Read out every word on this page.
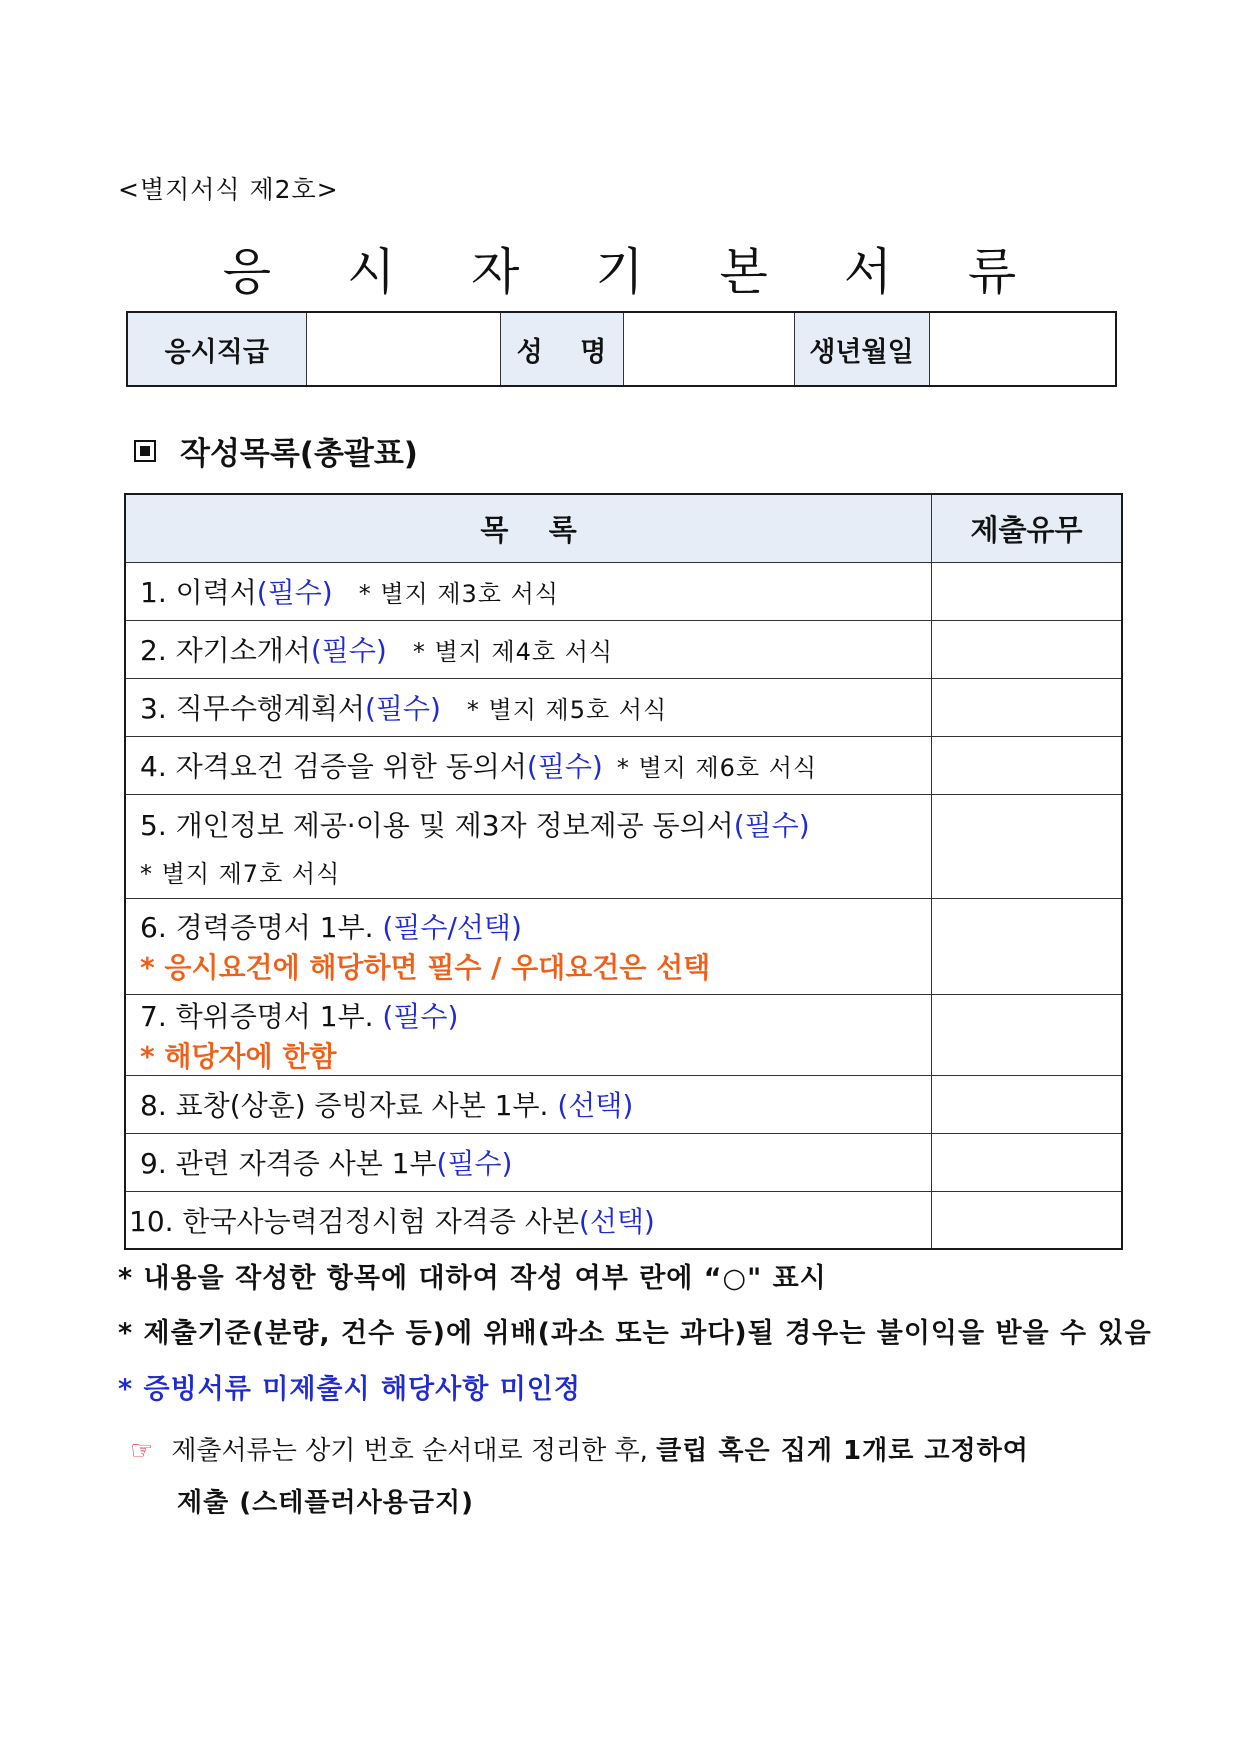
<별지서식 제2호>
응 시 자 기 본 서 류
응시직급		성    명		생년월일	
작성목록(총괄표)
목    록	제출유무
1. 이력서(필수) * 별지 제3호 서식	
2. 자기소개서(필수) * 별지 제4호 서식	
3. 직무수행계획서(필수) * 별지 제5호 서식	
4. 자격요건 검증을 위한 동의서(필수) * 별지 제6호 서식	
5. 개인정보 제공·이용 및 제3자 정보제공 동의서(필수)
* 별지 제7호 서식	

6. 경력증명서 1부. (필수/선택)
* 응시요건에 해당하면 필수 / 우대요건은 선택	
7. 학위증명서 1부. (필수)
* 해당자에 한함	
8. 표창(상훈) 증빙자료 사본 1부. (선택)	
9. 관련 자격증 사본 1부(필수)	
10. 한국사능력검정시험 자격증 사본(선택)	
* 내용을 작성한 항목에 대하여 작성 여부 란에 “○" 표시
* 제출기준(분량, 건수 등)에 위배(과소 또는 과다)될 경우는 불이익을 받을 수 있음
* 증빙서류 미제출시 해당사항 미인정
☞ 제출서류는 상기 번호 순서대로 정리한 후, 클립 혹은 집게 1개로 고정하여
제출 (스테플러사용금지)
